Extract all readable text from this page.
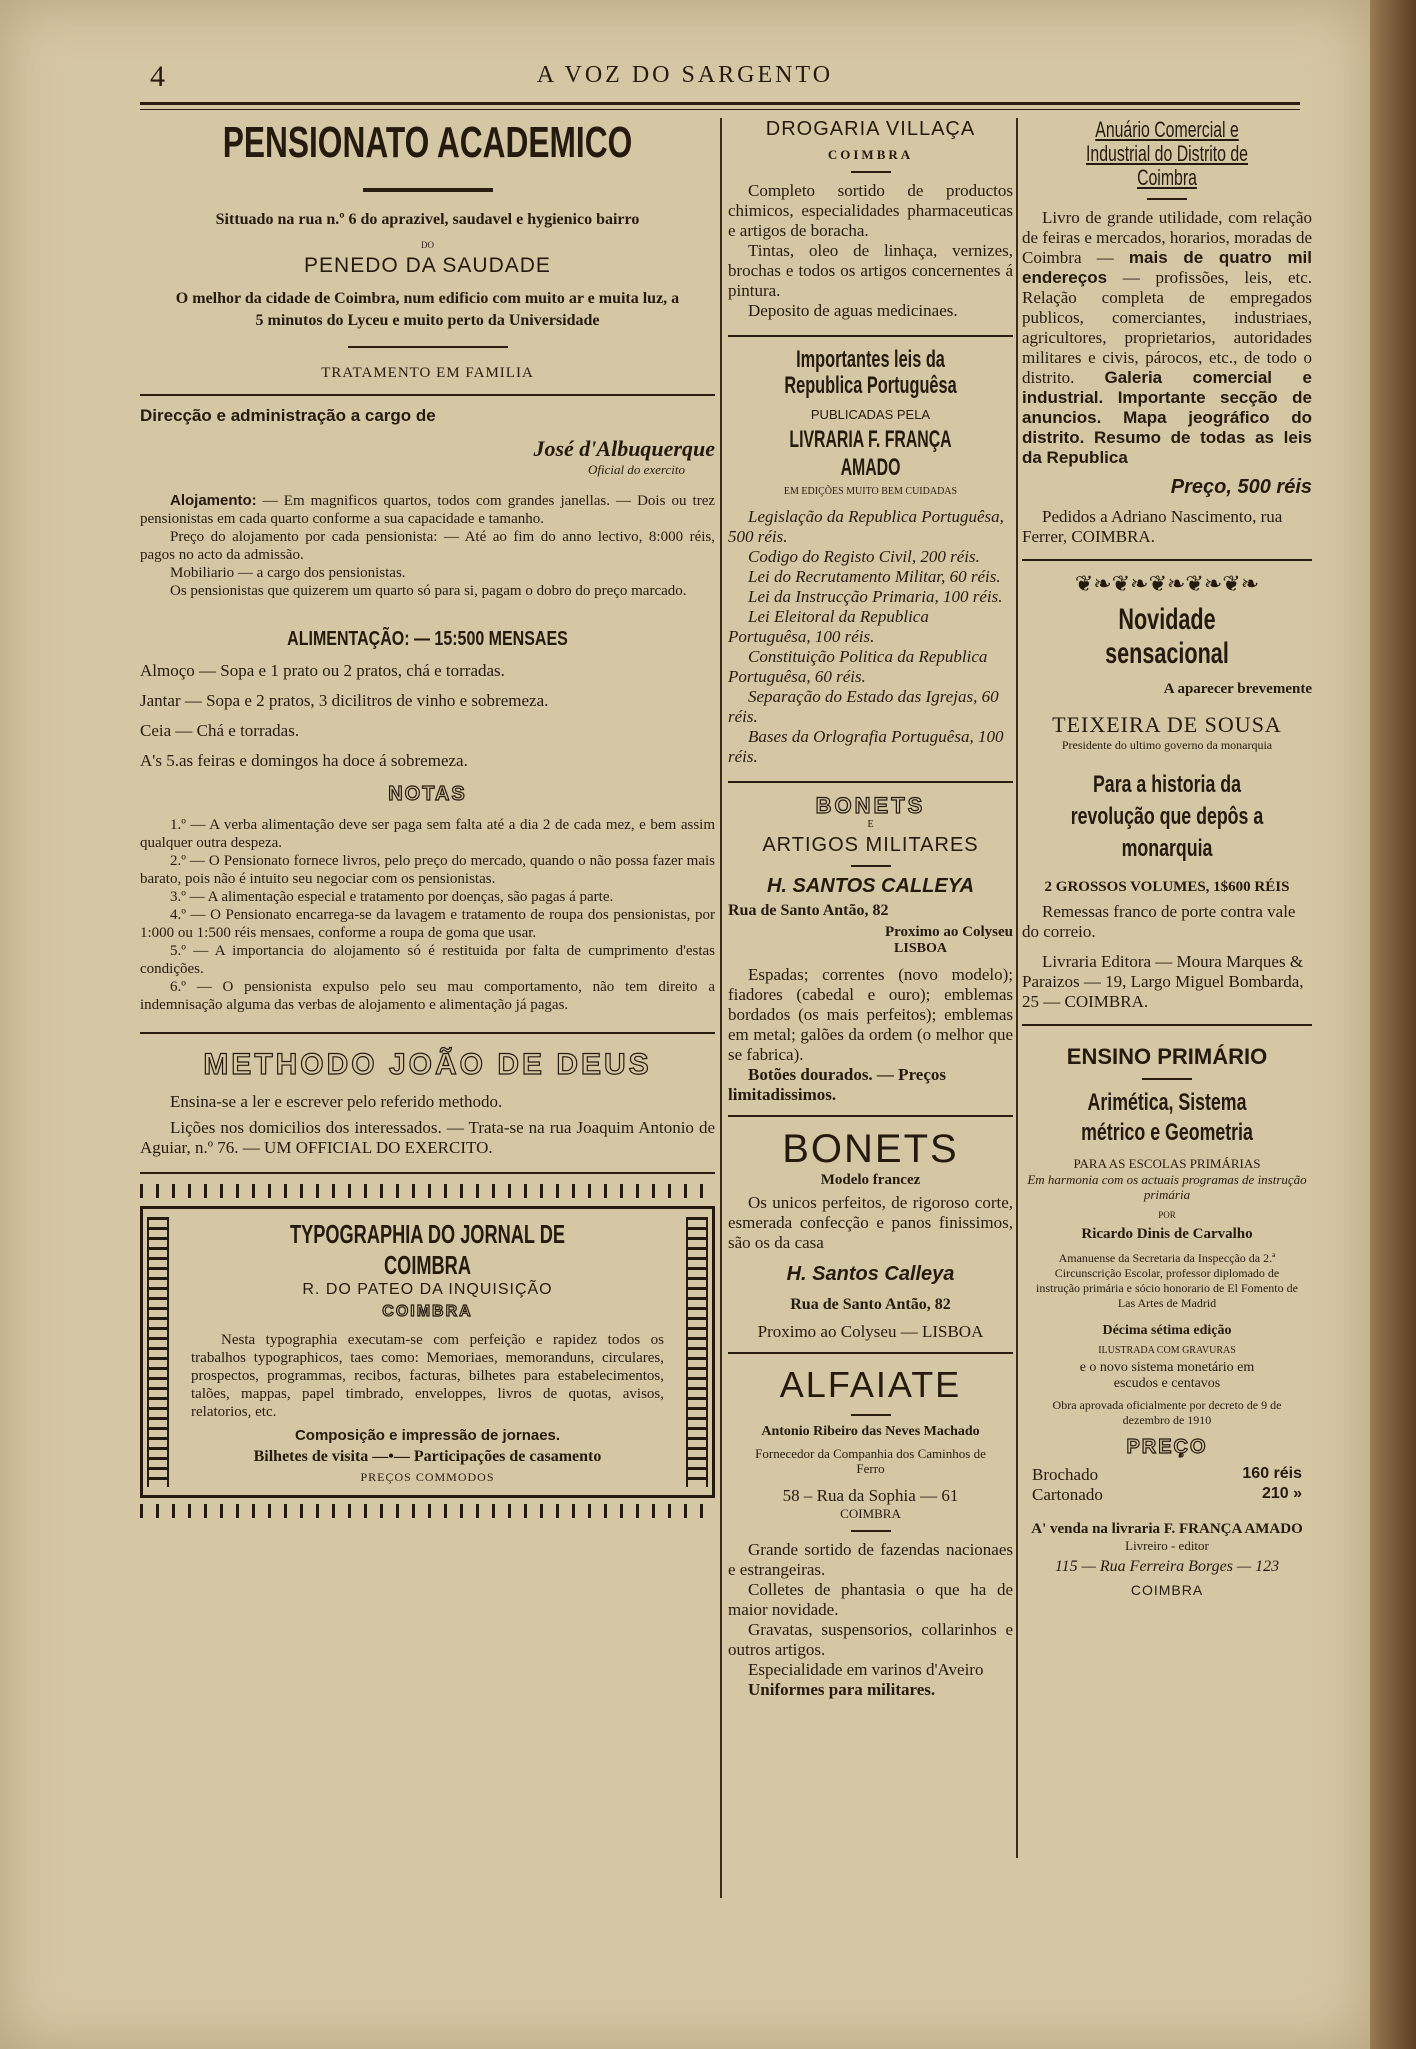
4	A VOZ DO SARGENTO
PENSIONATO ACADEMICO
Sittuado na rua n.º 6 do aprazivel, saudavel e hygienico bairro
DO
PENEDO DA SAUDADE
O melhor da cidade de Coimbra, num edificio com muito ar e muita luz, a 5 minutos do Lyceu e muito perto da Universidade
TRATAMENTO EM FAMILIA
Direcção e administração a cargo de
José d'Albuquerque
Oficial do exercito

Alojamento: — Em magnificos quartos, todos com grandes janellas. — Dois ou trez pensionistas em cada quarto conforme a sua capacidade e tamanho.

Preço do alojamento por cada pensionista: — Até ao fim do anno lectivo, 8:000 réis, pagos no acto da admissão.

Mobiliario — a cargo dos pensionistas.

Os pensionistas que quizerem um quarto só para si, pagam o dobro do preço marcado.

ALIMENTAÇÃO: — 15:500 MENSAES

Almoço — Sopa e 1 prato ou 2 pratos, chá e torradas.

Jantar — Sopa e 2 pratos, 3 dicilitros de vinho e sobremeza.

Ceia — Chá e torradas.

A's 5.as feiras e domingos ha doce á sobremeza.

NOTAS

1.º — A verba alimentação deve ser paga sem falta até a dia 2 de cada mez, e bem assim qualquer outra despeza.

2.º — O Pensionato fornece livros, pelo preço do mercado, quando o não possa fazer mais barato, pois não é intuito seu negociar com os pensionistas.

3.º — A alimentação especial e tratamento por doenças, são pagas á parte.

4.º — O Pensionato encarrega-se da lavagem e tratamento de roupa dos pensionistas, por 1:000 ou 1:500 réis mensaes, conforme a roupa de goma que usar.

5.º — A importancia do alojamento só é restituida por falta de cumprimento d'estas condições.

6.º — O pensionista expulso pelo seu mau comportamento, não tem direito a indemnisação alguma das verbas de alojamento e alimentação já pagas.

METHODO JOÃO DE DEUS

Ensina-se a ler e escrever pelo referido methodo.

Lições nos domicilios dos interessados. — Trata-se na rua Joaquim Antonio de Aguiar, n.º 76. — UM OFFICIAL DO EXERCITO.

TYPOGRAPHIA DO JORNAL DE COIMBRA
R. DO PATEO DA INQUISIÇÃO
COIMBRA

Nesta typographia executam-se com perfeição e rapidez todos os trabalhos typographicos, taes como: Memoriaes, memoranduns, circulares, prospectos, programmas, recibos, facturas, bilhetes para estabelecimentos, talões, mappas, papel timbrado, enveloppes, livros de quotas, avisos, relatorios, etc.

Composição e impressão de jornaes.
Bilhetes de visita —•— Participações de casamento
PREÇOS COMMODOS
DROGARIA VILLAÇA
COIMBRA

Completo sortido de productos chimicos, especialidades pharmaceuticas e artigos de boracha.

Tintas, oleo de linhaça, vernizes, brochas e todos os artigos concernentes á pintura.

Deposito de aguas medicinaes.

Importantes leis da Republica Portuguêsa
PUBLICADAS PELA
LIVRARIA F. FRANÇA AMADO
EM EDIÇÕES MUITO BEM CUIDADAS

Legislação da Republica Portuguêsa, 500 réis.

Codigo do Registo Civil, 200 réis.

Lei do Recrutamento Militar, 60 réis.

Lei da Instrucção Primaria, 100 réis.

Lei Eleitoral da Republica Portuguêsa, 100 réis.

Constituição Politica da Republica Portuguêsa, 60 réis.

Separação do Estado das Igrejas, 60 réis.

Bases da Orlografia Portuguêsa, 100 réis.

BONETS
E
ARTIGOS MILITARES
H. SANTOS CALLEYA
Rua de Santo Antão, 82
Proximo ao Colyseu
LISBOA

Espadas; correntes (novo modelo); fiadores (cabedal e ouro); emblemas bordados (os mais perfeitos); emblemas em metal; galões da ordem (o melhor que se fabrica).

Botões dourados. — Preços limitadissimos.

BONETS
Modelo francez

Os unicos perfeitos, de rigoroso corte, esmerada confecção e panos finissimos, são os da casa

H. Santos Calleya
Rua de Santo Antão, 82
Proximo ao Colyseu — LISBOA
ALFAIATE
Antonio Ribeiro das Neves Machado
Fornecedor da Companhia dos Caminhos de Ferro
58 – Rua da Sophia — 61
COIMBRA

Grande sortido de fazendas nacionaes e estrangeiras.

Colletes de phantasia o que ha de maior novidade.

Gravatas, suspensorios, collarinhos e outros artigos.

Especialidade em varinos d'Aveiro

Uniformes para militares.

Anuário Comercial e Industrial do Distrito de Coimbra

Livro de grande utilidade, com relação de feiras e mercados, horarios, moradas de Coimbra — mais de quatro mil endereços — profissões, leis, etc. Relação completa de empregados publicos, comerciantes, industriaes, agricultores, proprietarios, autoridades militares e civis, párocos, etc., de todo o distrito. Galeria comercial e industrial. Importante secção de anuncios. Mapa jeográfico do distrito. Resumo de todas as leis da Republica

Preço, 500 réis

Pedidos a Adriano Nascimento, rua Ferrer, COIMBRA.

❦❧❦❧❦❧❦❧❦❧
Novidade sensacional
A aparecer brevemente
TEIXEIRA DE SOUSA
Presidente do ultimo governo da monarquia
Para a historia da revolução que depôs a monarquia
2 GROSSOS VOLUMES, 1$600 RÉIS

Remessas franco de porte contra vale do correio.

Livraria Editora — Moura Marques & Paraizos — 19, Largo Miguel Bombarda, 25 — COIMBRA.

ENSINO PRIMÁRIO
Arimética, Sistema métrico e Geometria
PARA AS ESCOLAS PRIMÁRIAS
Em harmonia com os actuais programas de instrução primária
POR
Ricardo Dinis de Carvalho
Amanuense da Secretaria da Inspecção da 2.ª Circunscrição Escolar, professor diplomado de instrução primária e sócio honorario de El Fomento de Las Artes de Madrid
Décima sétima edição
ILUSTRADA COM GRAVURAS
e o novo sistema monetário em escudos e centavos
Obra aprovada oficialmente por decreto de 9 de dezembro de 1910
PREÇO
Brochado	160 réis
Cartonado	210 »
A' venda na livraria F. FRANÇA AMADO
Livreiro - editor
115 — Rua Ferreira Borges — 123
COIMBRA
